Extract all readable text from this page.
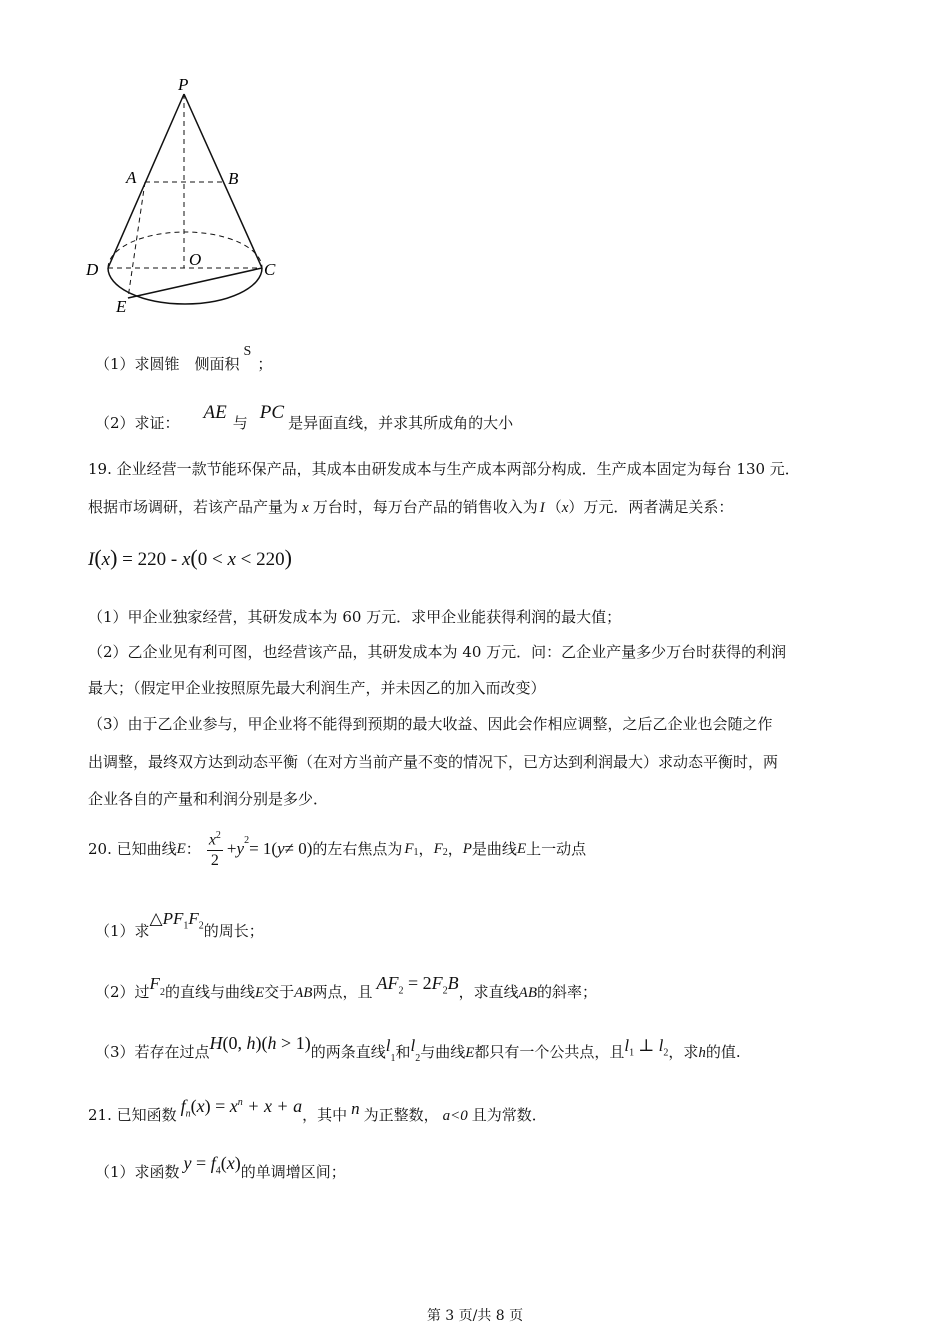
P
A	B
D
O
C
E
（1）求圆锥　侧面积S；
（2）求证： AE 与 PC 是异面直线，并求其所成角的大小
19. 企业经营一款节能环保产品，其成本由研发成本与生产成本两部分构成．生产成本固定为每台 130 元．
根据市场调研，若该产品产量为 x 万台时，每万台产品的销售收入为 I （x）万元．两者满足关系：
I(x) = 220 - x(0 < x < 220)
（1）甲企业独家经营，其研发成本为 60 万元．求甲企业能获得利润的最大值；
（2）乙企业见有利可图，也经营该产品，其研发成本为 40 万元．问：乙企业产量多少万台时获得的利润
最大；（假定甲企业按照原先最大利润生产，并未因乙的加入而改变）
（3）由于乙企业参与，甲企业将不能得到预期的最大收益、因此会作相应调整，之后乙企业也会随之作
出调整，最终双方达到动态平衡（在对方当前产量不变的情况下，已方达到利润最大）求动态平衡时，两
企业各自的产量和利润分别是多少．
20. 已知曲线 E ： $\frac{x^2}{2} + y^2 = 1$( y ≠ 0) 的左右焦点为 $F_1$ ， $F_2$ ， P 是曲线 E 上一动点
（1）求$\triangle PF_1F_2$的周长；
（2）过$F_2$的直线与曲线E交于AB两点，且 $AF_2 = 2F_2B$，求直线AB的斜率；
（3）若存在过点H(0, h)(h > 1)的两条直线$l_1$和$l_2$与曲线E都只有一个公共点，且$l_1$ ⊥ $l_2$，求h的值.
21. 已知函数 $f_n(x) = x^n + x + a$，其中 n 为正整数， a<0 且为常数．
（1）求函数 $y = f_4(x)$的单调增区间；
第 3 页/共 8 页
